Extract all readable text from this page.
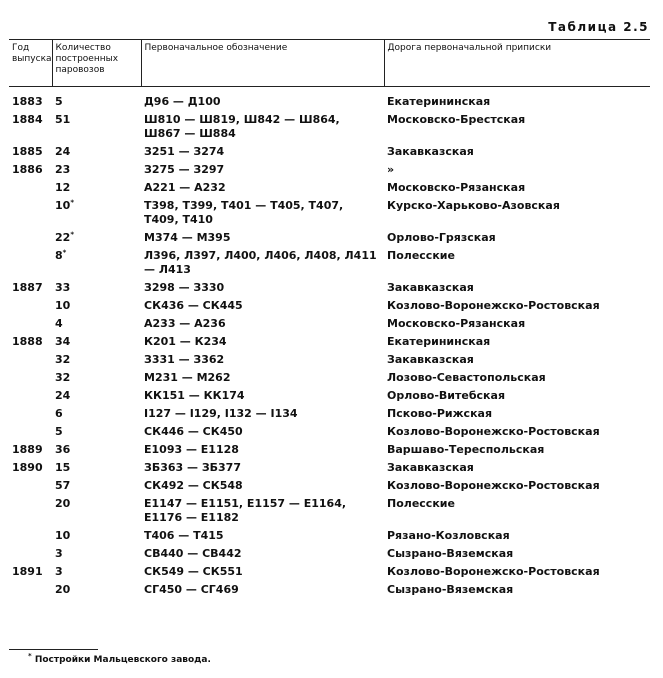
Таблица 2.5
Год выпуска	Количество построенных паровозов	Первоначальное обозначение	Дорога первоначальной приписки
1883	5	Д96 — Д100	Екатерининская
1884	51	Ш810 — Ш819, Ш842 — Ш864, Ш867 — Ш884	Московско-Брестская
1885	24	З251 — З274	Закавказская
1886	23	З275 — З297	»
	12	А221 — А232	Московско-Рязанская
	10*	Т398, Т399, Т401 — Т405, Т407, Т409, Т410	Курско-Харьково-Азовская
	22*	М374 — М395	Орлово-Грязская
	8*	Л396, Л397, Л400, Л406, Л408, Л411 — Л413	Полесские
1887	33	З298 — З330	Закавказская
	10	СК436 — СК445	Козлово-Воронежско-Ростовская
	4	А233 — А236	Московско-Рязанская
1888	34	К201 — К234	Екатерининская
	32	З331 — З362	Закавказская
	32	М231 — М262	Лозово-Севастопольская
	24	КК151 — КК174	Орлово-Витебская
	6	I127 — I129, I132 — I134	Псково-Рижская
	5	СК446 — СК450	Козлово-Воронежско-Ростовская
1889	36	Е1093 — Е1128	Варшаво-Тереспольская
1890	15	ЗБ363 — ЗБ377	Закавказская
	57	СК492 — СК548	Козлово-Воронежско-Ростовская
	20	Е1147 — Е1151, Е1157 — Е1164, Е1176 — Е1182	Полесские
	10	Т406 — Т415	Рязано-Козловская
	3	СВ440 — СВ442	Сызрано-Вяземская
1891	3	СК549 — СК551	Козлово-Воронежско-Ростовская
	20	СГ450 — СГ469	Сызрано-Вяземская
* Постройки Мальцевского завода.
